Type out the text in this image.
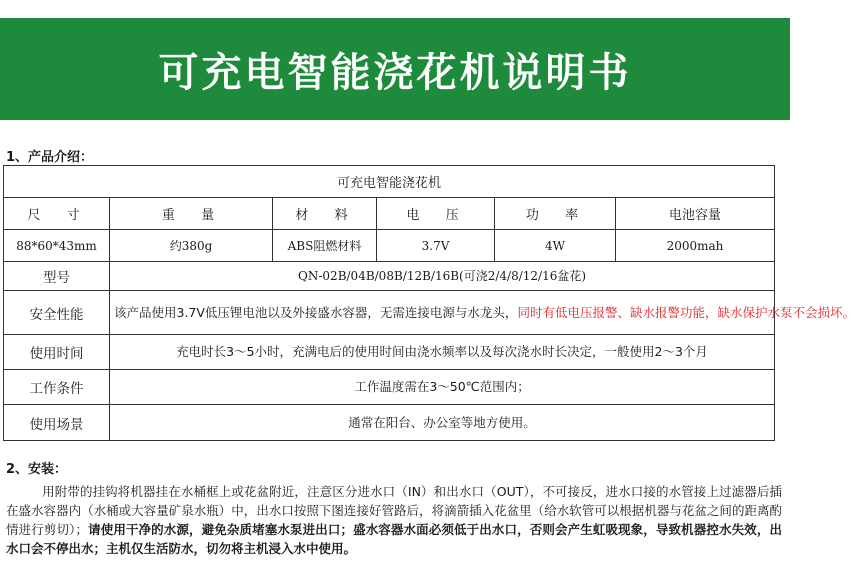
可充电智能浇花机说明书
1、产品介绍：
可充电智能浇花机					
尺  寸	重  量	材  料	电  压	功  率	电池容量
88*60*43mm	约380g	ABS阻燃材料	3.7V	4W	2000mah
型号	QN-02B/04B/08B/12B/16B(可浇2/4/8/12/16盆花)				
安全性能	该产品使用3.7V低压锂电池以及外接盛水容器，无需连接电源与水龙头，同时有低电压报警、缺水报警功能，缺水保护水泵不会损坏。				
使用时间	充电时长3～5小时，充满电后的使用时间由浇水频率以及每次浇水时长决定，一般使用2～3个月				
工作条件	工作温度需在3～50℃范围内；				
使用场景	通常在阳台、办公室等地方使用。				
2、安装：
用附带的挂钩将机器挂在水桶框上或花盆附近，注意区分进水口（IN）和出水口（OUT），不可接反，进水口接的水管接上过滤器后插在盛水容器内（水桶或大容量矿泉水瓶）中，出水口按照下图连接好管路后，将滴箭插入花盆里（给水软管可以根据机器与花盆之间的距离酌情进行剪切）；请使用干净的水源，避免杂质堵塞水泵进出口；盛水容器水面必须低于出水口，否则会产生虹吸现象，导致机器控水失效，出水口会不停出水；主机仅生活防水，切勿将主机浸入水中使用。
